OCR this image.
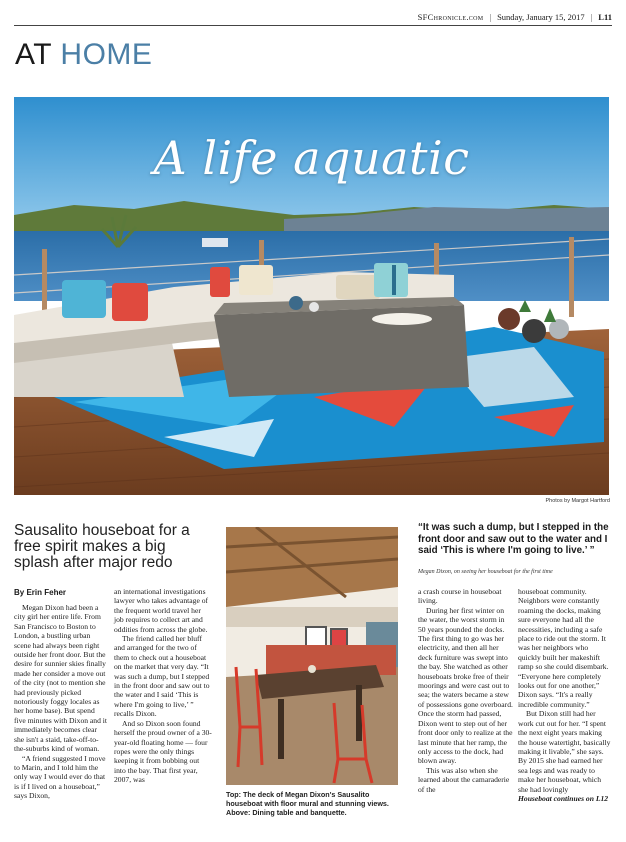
SFChronicle.com | Sunday, January 15, 2017 | L11
AT HOME
A life aquatic
Photos by Margot Hartford
Sausalito houseboat for a free spirit makes a big splash after major redo
By Erin Feher

Megan Dixon had been a city girl her entire life. From San Francisco to Boston to London, a bustling urban scene had always been right outside her front door. But the desire for sunnier skies finally made her consider a move out of the city (not to mention she had previously picked notoriously foggy locales as her home base). But spend five minutes with Dixon and it immediately becomes clear she isn't a staid, take-off-to-the-suburbs kind of woman.

“A friend suggested I move to Marin, and I told him the only way I would ever do that is if I lived on a houseboat,” says Dixon,

an international investigations lawyer who takes advantage of the frequent world travel her job requires to collect art and oddities from across the globe.

The friend called her bluff and arranged for the two of them to check out a houseboat on the market that very day. “It was such a dump, but I stepped in the front door and saw out to the water and I said ‘This is where I'm going to live,’ ” recalls Dixon.

And so Dixon soon found herself the proud owner of a 30-year-old floating home — four ropes were the only things keeping it from bobbing out into the bay. That first year, 2007, was

Top: The deck of Megan Dixon's Sausalito houseboat with floor mural and stunning views. Above: Dining table and banquette.
“It was such a dump, but I stepped in the front door and saw out to the water and I said ‘This is where I'm going to live.’ ”
Megan Dixon, on seeing her houseboat for the first time

a crash course in houseboat living.

During her first winter on the water, the worst storm in 50 years pounded the docks. The first thing to go was her electricity, and then all her deck furniture was swept into the bay. She watched as other houseboats broke free of their moorings and were cast out to sea; the waters became a stew of possessions gone overboard. Once the storm had passed, Dixon went to step out of her front door only to realize at the last minute that her ramp, the only access to the dock, had blown away.

This was also when she learned about the camaraderie of the

houseboat community. Neighbors were constantly roaming the docks, making sure everyone had all the necessities, including a safe place to ride out the storm. It was her neighbors who quickly built her makeshift ramp so she could disembark. “Everyone here completely looks out for one another,” Dixon says. “It's a really incredible community.”

But Dixon still had her work cut out for her. “I spent the next eight years making the house watertight, basically making it livable,” she says. By 2015 she had earned her sea legs and was ready to make her houseboat, which she had lovingly

Houseboat continues on L12
